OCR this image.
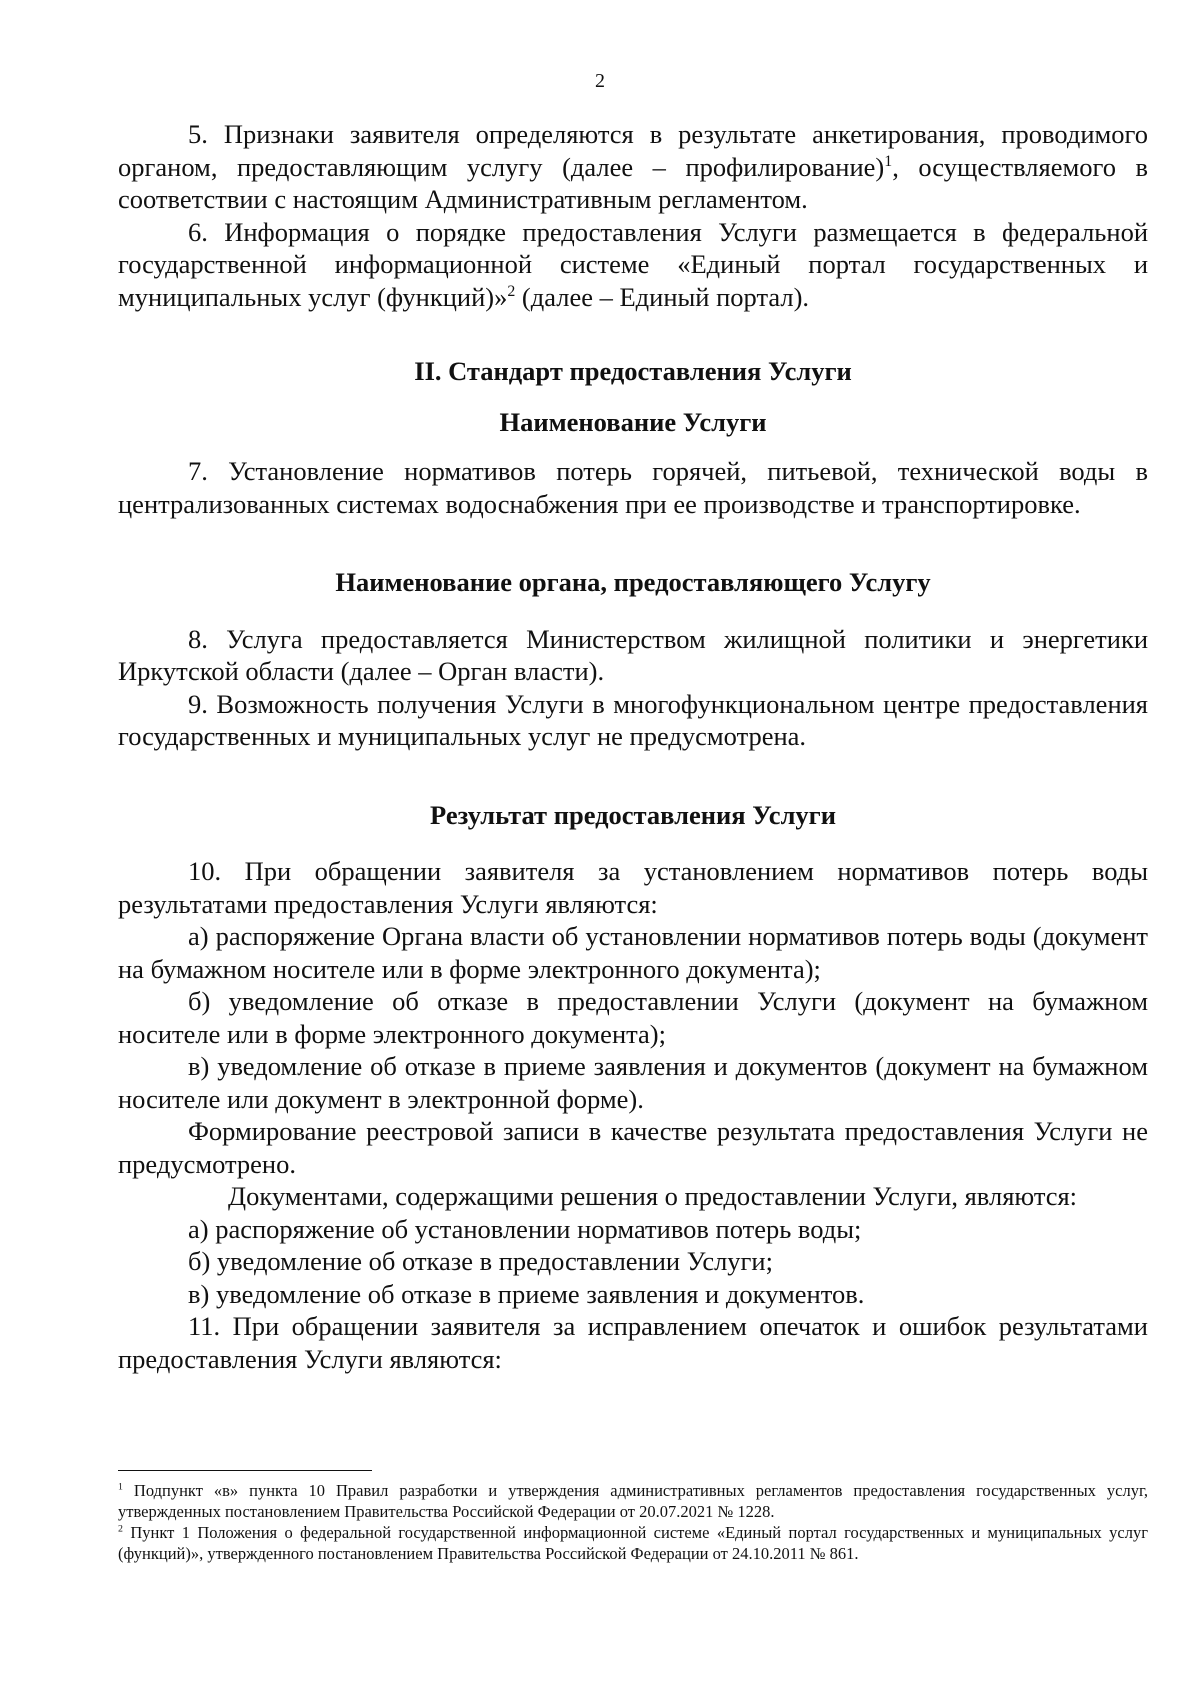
2

5. Признаки заявителя определяются в результате анкетирования, проводимого органом, предоставляющим услугу (далее – профилирование)$^1$, осуществляемого в соответствии с настоящим Административным регламентом.

6. Информация о порядке предоставления Услуги размещается в федеральной государственной информационной системе «Единый портал государственных и муниципальных услуг (функций)»$^2$ (далее – Единый портал).

II. Стандарт предоставления Услуги

Наименование Услуги

7. Установление нормативов потерь горячей, питьевой, технической воды в централизованных системах водоснабжения при ее производстве и транспортировке.

Наименование органа, предоставляющего Услугу

8. Услуга предоставляется Министерством жилищной политики и энергетики Иркутской области (далее – Орган власти).

9. Возможность получения Услуги в многофункциональном центре предоставления государственных и муниципальных услуг не предусмотрена.

Результат предоставления Услуги

10. При обращении заявителя за установлением нормативов потерь воды результатами предоставления Услуги являются:

а) распоряжение Органа власти об установлении нормативов потерь воды (документ на бумажном носителе или в форме электронного документа);

б) уведомление об отказе в предоставлении Услуги (документ на бумажном носителе или в форме электронного документа);

в) уведомление об отказе в приеме заявления и документов (документ на бумажном носителе или документ в электронной форме).

Формирование реестровой записи в качестве результата предоставления Услуги не предусмотрено.

Документами, содержащими решения о предоставлении Услуги, являются:

а) распоряжение об установлении нормативов потерь воды;

б) уведомление об отказе в предоставлении Услуги;

в) уведомление об отказе в приеме заявления и документов.

11. При обращении заявителя за исправлением опечаток и ошибок результатами предоставления Услуги являются:

$^1$ Подпункт «в» пункта 10 Правил разработки и утверждения административных регламентов предоставления государственных услуг, утвержденных постановлением Правительства Российской Федерации от 20.07.2021 № 1228.

$^2$ Пункт 1 Положения о федеральной государственной информационной системе «Единый портал государственных и муниципальных услуг (функций)», утвержденного постановлением Правительства Российской Федерации от 24.10.2011 № 861.
